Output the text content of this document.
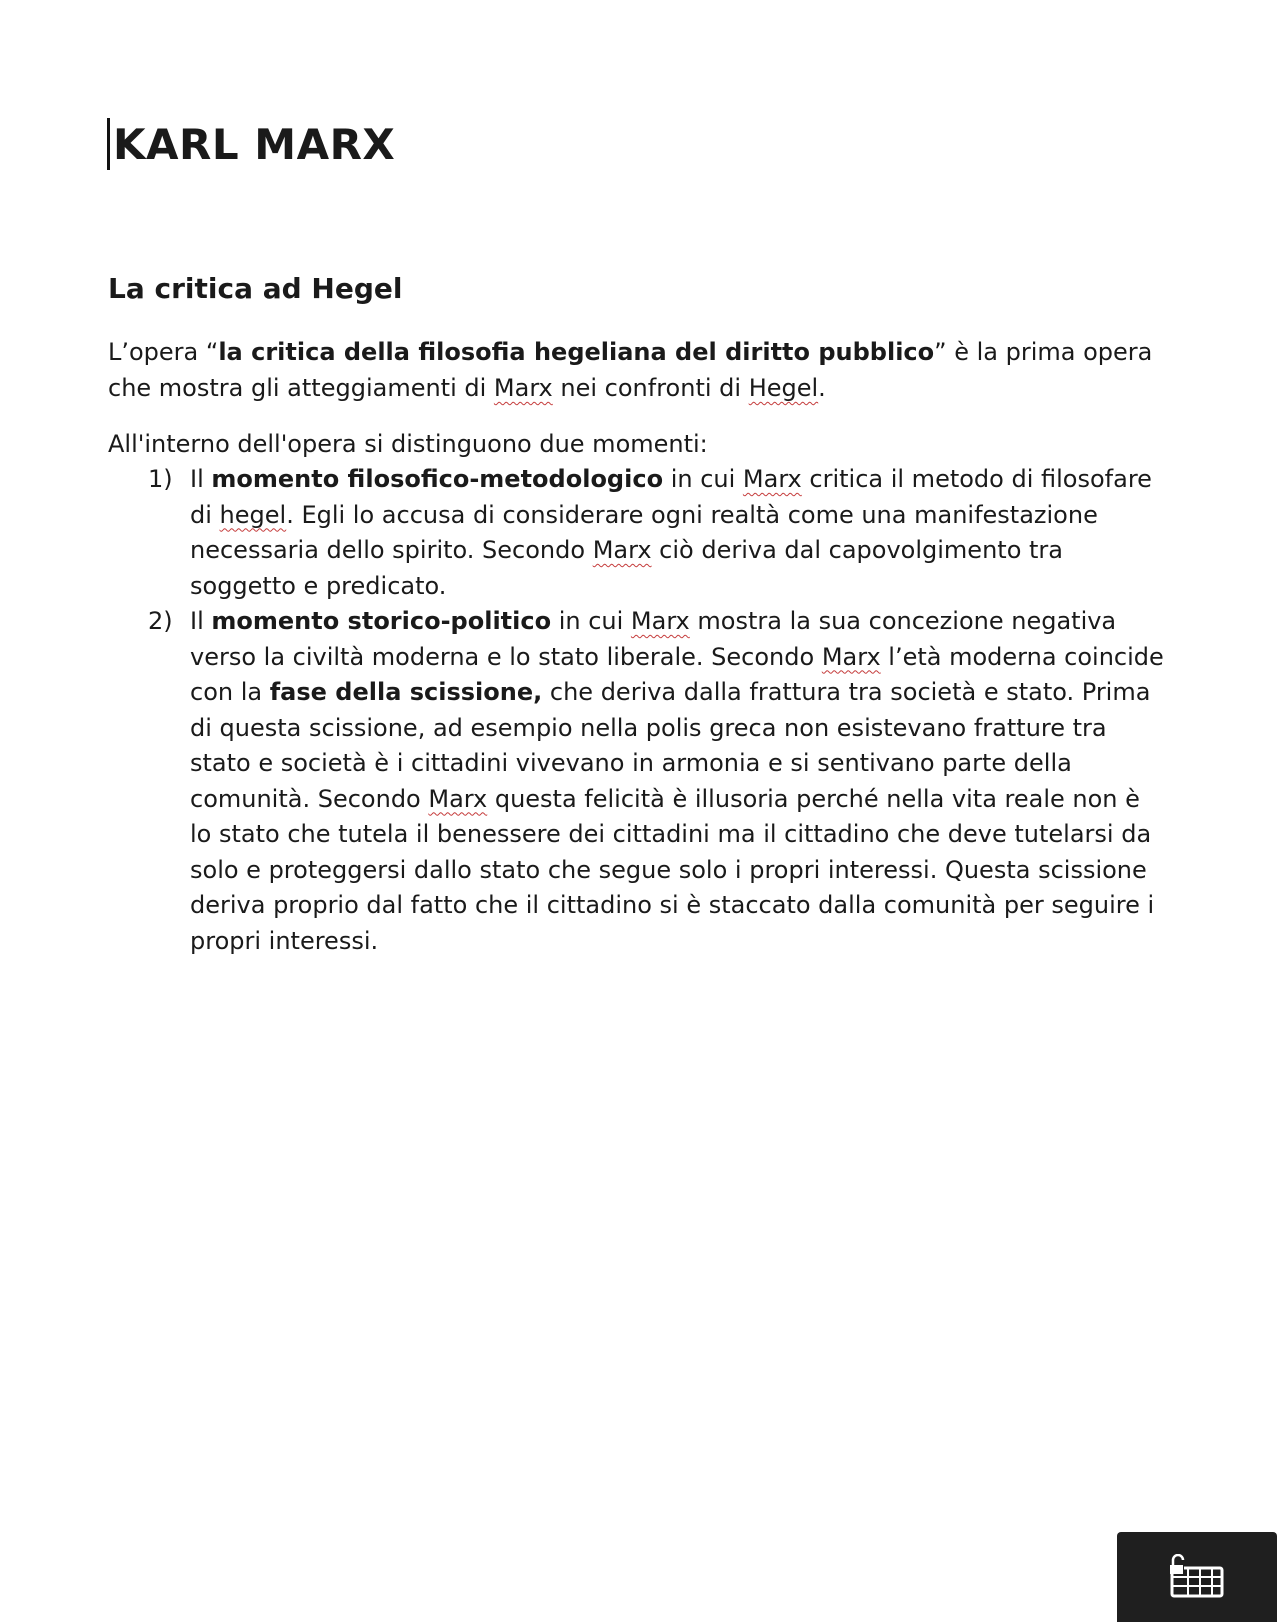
KARL MARX
La critica ad Hegel
L’opera “la critica della filosofia hegeliana del diritto pubblico” è la prima opera che mostra gli atteggiamenti di Marx nei confronti di Hegel.
All'interno dell'opera si distinguono due momenti:
1) Il momento filosofico-metodologico in cui Marx critica il metodo di filosofare di hegel. Egli lo accusa di considerare ogni realtà come una manifestazione necessaria dello spirito. Secondo Marx ciò deriva dal capovolgimento tra soggetto e predicato.
2) Il momento storico-politico in cui Marx mostra la sua concezione negativa verso la civiltà moderna e lo stato liberale. Secondo Marx l’età moderna coincide con la fase della scissione, che deriva dalla frattura tra società e stato. Prima di questa scissione, ad esempio nella polis greca non esistevano fratture tra stato e società è i cittadini vivevano in armonia e si sentivano parte della comunità. Secondo Marx questa felicità è illusoria perché nella vita reale non è lo stato che tutela il benessere dei cittadini ma il cittadino che deve tutelarsi da solo e proteggersi dallo stato che segue solo i propri interessi. Questa scissione deriva proprio dal fatto che il cittadino si è staccato dalla comunità per seguire i propri interessi.
